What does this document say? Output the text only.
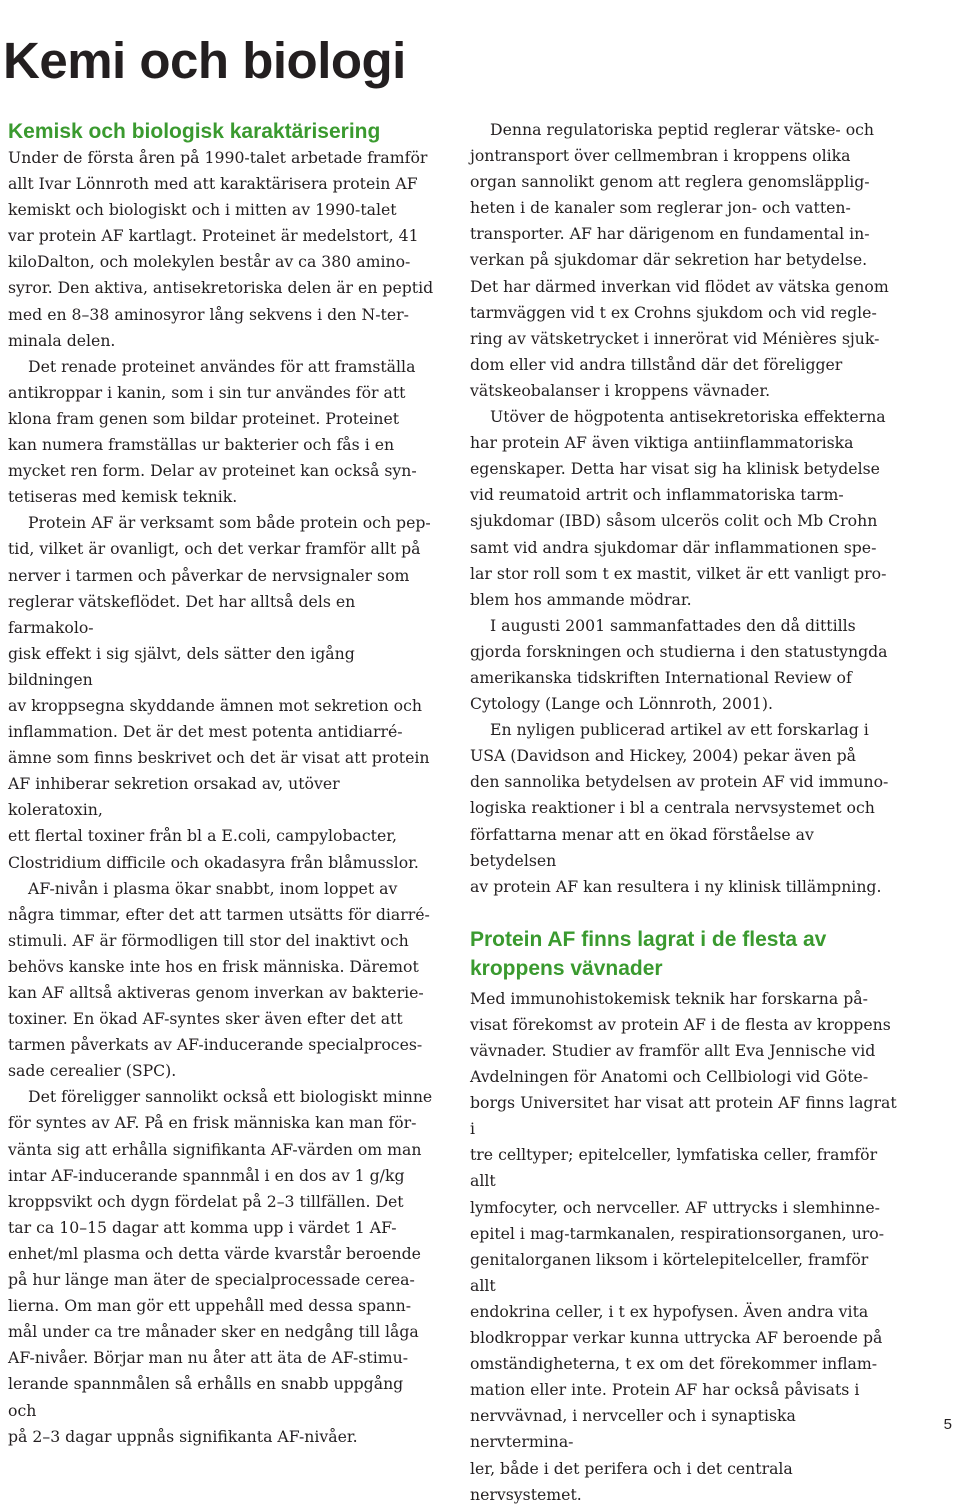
Kemi och biologi
Kemisk och biologisk karaktärisering

Under de första åren på 1990-talet arbetade framför
allt Ivar Lönnroth med att karaktärisera protein AF
kemiskt och biologiskt och i mitten av 1990-talet
var protein AF kartlagt. Proteinet är medelstort, 41
kiloDalton, och molekylen består av ca 380 amino-
syror. Den aktiva, antisekretoriska delen är en peptid
med en 8–38 aminosyror lång sekvens i den N-ter-
minala delen.

Det renade proteinet användes för att framställa
antikroppar i kanin, som i sin tur användes för att
klona fram genen som bildar proteinet. Proteinet
kan numera framställas ur bakterier och fås i en
mycket ren form. Delar av proteinet kan också syn-
tetiseras med kemisk teknik.

Protein AF är verksamt som både protein och pep-
tid, vilket är ovanligt, och det verkar framför allt på
nerver i tarmen och påverkar de nervsignaler som
reglerar vätskeflödet. Det har alltså dels en farmakolo-
gisk effekt i sig självt, dels sätter den igång bildningen
av kroppsegna skyddande ämnen mot sekretion och
inflammation. Det är det mest potenta antidiarré-
ämne som finns beskrivet och det är visat att protein
AF inhiberar sekretion orsakad av, utöver koleratoxin,
ett flertal toxiner från bl a E.coli, campylobacter,
Clostridium difficile och okadasyra från blåmusslor.

AF-nivån i plasma ökar snabbt, inom loppet av
några timmar, efter det att tarmen utsätts för diarré-
stimuli. AF är förmodligen till stor del inaktivt och
behövs kanske inte hos en frisk människa. Däremot
kan AF alltså aktiveras genom inverkan av bakterie-
toxiner. En ökad AF-syntes sker även efter det att
tarmen påverkats av AF-inducerande specialproces-
sade cerealier (SPC).

Det föreligger sannolikt också ett biologiskt minne
för syntes av AF. På en frisk människa kan man för-
vänta sig att erhålla signifikanta AF-värden om man
intar AF-inducerande spannmål i en dos av 1 g/kg
kroppsvikt och dygn fördelat på 2–3 tillfällen. Det
tar ca 10–15 dagar att komma upp i värdet 1 AF-
enhet/ml plasma och detta värde kvarstår beroende
på hur länge man äter de specialprocessade cerea-
lierna. Om man gör ett uppehåll med dessa spann-
mål under ca tre månader sker en nedgång till låga
AF-nivåer. Börjar man nu åter att äta de AF-stimu-
lerande spannmålen så erhålls en snabb uppgång och
på 2–3 dagar uppnås signifikanta AF-nivåer.

Denna regulatoriska peptid reglerar vätske- och
jontransport över cellmembran i kroppens olika
organ sannolikt genom att reglera genomsläpplig-
heten i de kanaler som reglerar jon- och vatten-
transporter. AF har därigenom en fundamental in-
verkan på sjukdomar där sekretion har betydelse.
Det har därmed inverkan vid flödet av vätska genom
tarmväggen vid t ex Crohns sjukdom och vid regle-
ring av vätsketrycket i innerörat vid Ménières sjuk-
dom eller vid andra tillstånd där det föreligger
vätskeobalanser i kroppens vävnader.

Utöver de högpotenta antisekretoriska effekterna
har protein AF även viktiga antiinflammatoriska
egenskaper. Detta har visat sig ha klinisk betydelse
vid reumatoid artrit och inflammatoriska tarm-
sjukdomar (IBD) såsom ulcerös colit och Mb Crohn
samt vid andra sjukdomar där inflammationen spe-
lar stor roll som t ex mastit, vilket är ett vanligt pro-
blem hos ammande mödrar.

I augusti 2001 sammanfattades den då dittills
gjorda forskningen och studierna i den statustyngda
amerikanska tidskriften International Review of
Cytology (Lange och Lönnroth, 2001).

En nyligen publicerad artikel av ett forskarlag i
USA (Davidson and Hickey, 2004) pekar även på
den sannolika betydelsen av protein AF vid immuno-
logiska reaktioner i bl a centrala nervsystemet och
författarna menar att en ökad förståelse av betydelsen
av protein AF kan resultera i ny klinisk tillämpning.

Protein AF finns lagrat i de flesta av
kroppens vävnader

Med immunohistokemisk teknik har forskarna på-
visat förekomst av protein AF i de flesta av kroppens
vävnader. Studier av framför allt Eva Jennische vid
Avdelningen för Anatomi och Cellbiologi vid Göte-
borgs Universitet har visat att protein AF finns lagrat i
tre celltyper; epitelceller, lymfatiska celler, framför allt
lymfocyter, och nervceller. AF uttrycks i slemhinne-
epitel i mag-tarmkanalen, respirationsorganen, uro-
genitalorganen liksom i körtelepitelceller, framför allt
endokrina celler, i t ex hypofysen. Även andra vita
blodkroppar verkar kunna uttrycka AF beroende på
omständigheterna, t ex om det förekommer inflam-
mation eller inte. Protein AF har också påvisats i
nervvävnad, i nervceller och i synaptiska nervtermina-
ler, både i det perifera och i det centrala nervsystemet.

5
